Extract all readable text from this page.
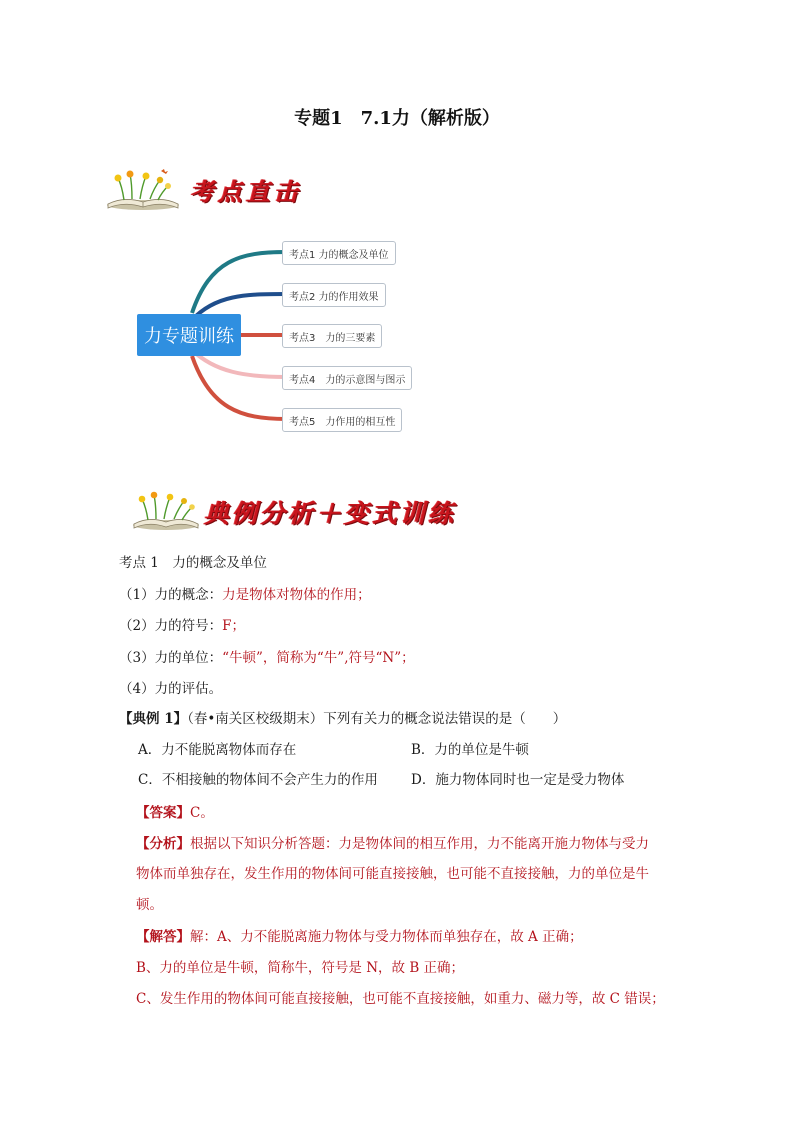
专题1　7.1力（解析版）
考点直击
力专题训练
考点1 力的概念及单位
考点2 力的作用效果
考点3　力的三要素
考点4　力的示意图与图示
考点5　力作用的相互性
典例分析＋变式训练
考点 1　力的概念及单位
（1）力的概念：力是物体对物体的作用；
（2）力的符号：F；
（3）力的单位：“牛顿”，简称为“牛”,符号“N”；
（4）力的评估。
【典例 1】（春•南关区校级期末）下列有关力的概念说法错误的是（　　）
A．力不能脱离物体而存在	B．力的单位是牛顿
C．不相接触的物体间不会产生力的作用 D．施力物体同时也一定是受力物体
【答案】C。
【分析】根据以下知识分析答题：力是物体间的相互作用，力不能离开施力物体与受力
物体而单独存在，发生作用的物体间可能直接接触，也可能不直接接触，力的单位是牛
顿。
【解答】解：A、力不能脱离施力物体与受力物体而单独存在，故 A 正确；
B、力的单位是牛顿，简称牛，符号是 N，故 B 正确；
C、发生作用的物体间可能直接接触，也可能不直接接触，如重力、磁力等，故 C 错误；
